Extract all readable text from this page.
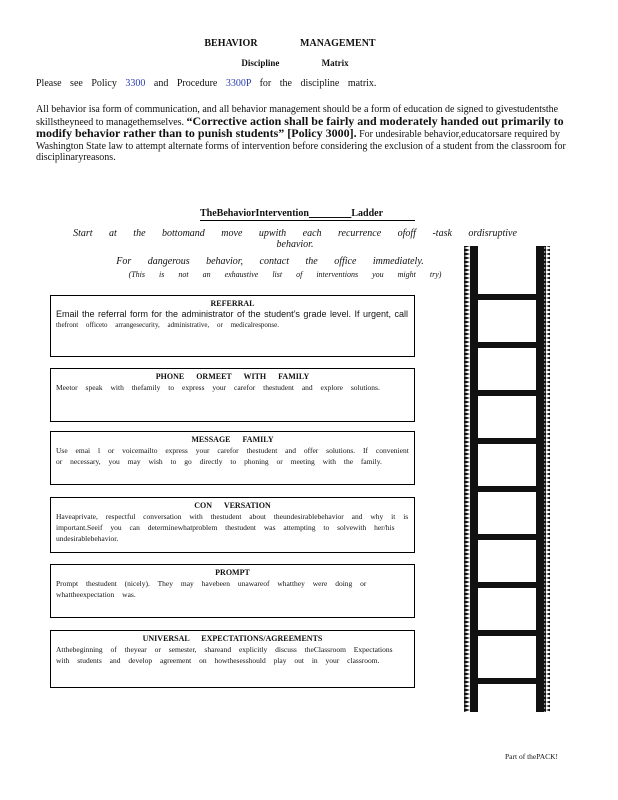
BEHAVIOR MANAGEMENT
Discipline Matrix
Please see Policy 3300 and Procedure 3300P for the discipline matrix.
All behavior isa form of communication, and all behavior management should be a form of education de signed to givestudentsthe skillstheyneed to managethemselves. “Corrective action shall be fairly and moderately handed out primarily to modify behavior rather than to punish students” [Policy 3000]. For undesirable behavior,educatorsare required by Washington State law to attempt alternate forms of intervention before considering the exclusion of a student from the classroom for disciplinaryreasons.
TheBehaviorIntervention	Ladder
Start at the bottomand move upwith each recurrence ofoff -task ordisruptive behavior.
For dangerous behavior, contact the office immediately.
(This is not an exhaustive list of interventions you might try)
REFERRAL
Email the referral form for the administrator of the student’s grade level. If urgent, call
thefront officeto arrangesecurity, administrative, or medicalresponse.
PHONE ORMEET WITH FAMILY
Meetor speak with thefamily to express your carefor thestudent and explore solutions.
MESSAGE FAMILY
Use emai l or voicemailto express your carefor thestudent and offer solutions. If convenient or necessary, you may wish to go directly to phoning or meeting with the family.
CON VERSATION
Haveaprivate, respectful conversation with thestudent about theundesirablebehavior and why it is important.Seeif you can determinewhatproblem thestudent was attempting to solvewith her/his undesirablebehavior.
PROMPT
Prompt thestudent (nicely). They may havebeen unawareof whatthey were doing or whattheexpectation was.
UNIVERSAL EXPECTATIONS/AGREEMENTS
Atthebeginning of theyear or semester, shareand explicitly discuss theClassroom Expectations with students and develop agreement on howthesesshould play out in your classroom.
Part of thePACK!
